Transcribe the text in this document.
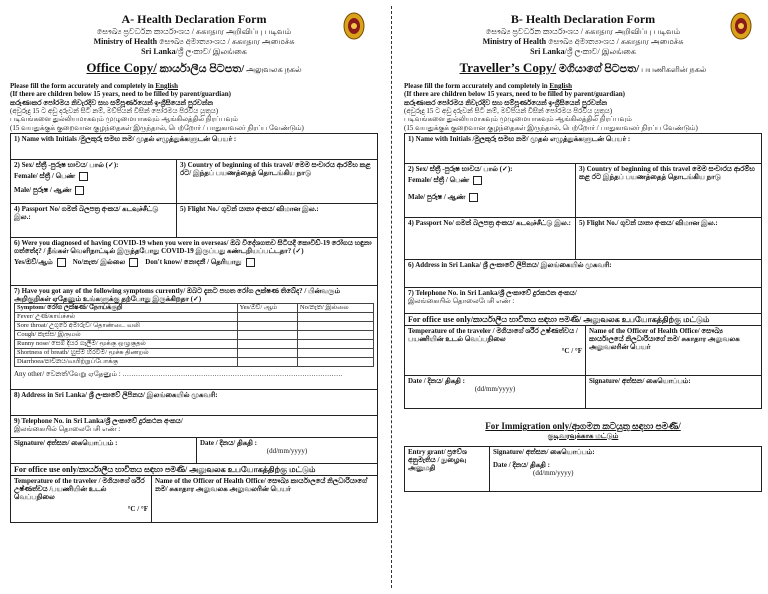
A- Health Declaration Form
සෞඛ්‍ය ප්‍රවර්ධන කාර්යාංශය / சுகாதார அறிவிப்பு படிவம்
Ministry of Health සෞඛ්‍ය අමාත්‍යාංශය / சுகாதார அமைச்சு
Sri Lanka/ශ්‍රී ලංකාව/ இலங்கை
Office Copy/ කාර්යාලීය පිටපත/ அலுவலக நகல்
Please fill the form accurately and completely in English
(If there are children below 15 years, need to be filled by parent/guardian)
කරුණාකර පෝරමය නිවැරදිව සහ සම්පූර්ණයෙන් ඉංග්‍රීසියෙන් පුරවන්න
(අවුරුදු 15 ට අඩු දරුවන් සිටී නම්, මව්පියන් විසින් පෝරමය පිරවිය යුතුය)
படிவங்களை துல்லியமாகவும் முழுமையாகவும் ஆங்கிலத்தில் நிரப்பவும்
(15 வயதுக்குக் குறைவான குழந்தைகள் இருந்தால், பெற்றோர் / பாதுகாவலர் நிரப்ப வேண்டும்)
1) Name with Initials /මුලකුරු සමඟ නම/ முதல் எழுத்துக்களுடன் பெயர் :
2) Sex/ ස්ත්‍රී -පුරුෂ භාවය/ பால் (✓):
Female/ ස්ත්‍රී / பெண்
Male/ පුරුෂ / ஆண்
3) Country of beginning of this travel/ මෙම සංචාරය ආරම්භ කළ රට/ இந்தப் பயணத்தைத் தொடங்கிய நாடு
4) Passport No/ ගමන් බලපත්‍ර අංකය/ கடவுச்சீட்டு இல.:
5) Flight No./ ගුවන් යානා අංකය/ விமான இல.:
6) Were you diagnosed of having COVID-19 when you were in overseas/ ඔබ විදේශගතව සිටියදී කොවිඩ්-19 රෝගය හඳුනා ගත්තේද? / நீங்கள் வெளிநாட்டில் இருந்தபோது COVID-19 இருப்பது கண்டறியப்பட்டதா? (✓)
Yes/ඔව්/ஆம்	No/නැත/ இல்லை	Don't know/ නොදනී / தெரியாது
7) Have you got any of the following symptoms currently/ ඔබට දැනට පහත රෝග ලක්ෂණ තිබේද? / பின்வரும் அறிகுறிகள் ஏதேனும் உங்களுக்கு தற்போது இருக்கிறதா (✓)
Symptom/ රෝග ලක්ෂණ/ நோய்க்குறி	Yes/ඔව්/ ஆம்	No/නැත/ இல்லை
Fever/ උණ/காய்ச்சல்		
Sore throat/ උගුරේ අමාරුව/ தொண்டை வலி		
Cough/ කැස්ස/ இருமல்		
Runny nose/ සෙම් දියර ගැලීම/ மூக்கு ஒழுகுதல்		
Shortness of breath/ හුස්ම හිරවීම/ மூச்சு திணறல்		
Diarrhoea/පාචනය/வயிற்றுப்போக்கு		
Any other/ වෙනත්/வேறு ஏதேனும் : ..................................................................................................
8) Address in Sri Lanka/ ශ්‍රී ලංකාවේ ලිපිනය/ இலங்கையில் முகவரி:
9) Telephone No. in Sri Lanka/ශ්‍රී ලංකාවේ දුරකථන අංකය/
இலங்கையில் தொலைபேசி எண் :
Signature/ අත්සන/ கையொப்பம் :	Date / දිනය/ திகதி :
(dd/mm/yyyy)
For office use only/කාර්යාලීය භාවිතය සඳහා පමණි/ அலுவலக உபயோகத்திற்கு மட்டும்
Temperature of the traveler / මගියාගේ ශරීර උෂ්ණත්වය /பயணியின் உடல் வெப்பநிலை
°C / °F
Name of the Officer of Health Office/ සෞඛ්‍ය කාර්යාලයේ නිලධාරියාගේ නම/ சுகாதார அலுவலக அலுவலரின் பெயர்
B- Health Declaration Form
සෞඛ්‍ය ප්‍රවර්ධන කාර්යාංශය / சுகாதார அறிவிப்பு படிவம்
Ministry of Health සෞඛ්‍ය අමාත්‍යාංශය / சுகாதார அமைச்சு
Sri Lanka/ශ්‍රී ලංකාව/ இலங்கை
Traveller’s Copy/ මගියාගේ පිටපත/ பயணிகளின் நகல்
Please fill the form accurately and completely in English
(If there are children below 15 years, need to be filled by parent/guardian)
කරුණාකර පෝරමය නිවැරදිව සහ සම්පූර්ණයෙන් ඉංග්‍රීසියෙන් පුරවන්න
(අවුරුදු 15 ට අඩු දරුවන් සිටී නම්, මව්පියන් විසින් පෝරමය පිරවිය යුතුය)
படிவங்களை துல்லியமாகவும் முழுமையாகவும் ஆங்கிலத்தில் நிரப்பவும்
(15 வயதுக்குக் குறைவான குழந்தைகள் இருந்தால், பெற்றோர் / பாதுகாவலர் நிரப்ப வேண்டும்)
1) Name with Initials /මුලකුරු සමඟ නම/ முதல் எழுத்துக்களுடன் பெயர் :
2) Sex/ ස්ත්‍රී -පුරුෂ භාවය/ பால் (✓):
Female/ ස්ත්‍රී / பெண்
Male/ පුරුෂ / ஆண்
3) Country of beginning of this travel මෙම සංචාරය ආරම්භ කළ රට இந்தப் பயணத்தைத் தொடங்கிய நாடு
4) Passport No/ ගමන් බලපත්‍ර අංකය/ கடவுச்சீட்டு இல.:	5) Flight No./ ගුවන් යානා අංකය/ விமான இல.:
6) Address in Sri Lanka/ ශ්‍රී ලංකාවේ ලිපිනය/ இலங்கையில் முகவரி:
7) Telephone No. in Sri Lanka/ශ්‍රී ලංකාවේ දුරකථන අංකය/
இலங்கையில் தொலைபேசி எண் :
For office use only/කාර්යාලීය භාවිතය සඳහා පමණි/ அலுவலக உபயோகத்திற்கு மட்டும்
Temperature of the traveler / මගියාගේ ශරීර උෂ්ණත්වය /பயணியின் உடல் வெப்பநிலை
°C / °F
Name of the Officer of Health Office/ සෞඛ්‍ය කාර්යාලයේ නිලධාරියාගේ නම/ சுகாதார அலுவலக அலுவலரின் பெயர்
Date / දිනය/ திகதி :
(dd/mm/yyyy)
Signature/ අත්සන/ கையொப்பம்:
For Immigration only/ආගමන කටයුතු සඳහා පමණි/
குடிவரவுக்காக மட்டும்
Entry grant/ ප්‍රවේශ අනුමැතිය / நுழைவு அனுமதி
Signature/ අත්සන/ கையொப்பம்:
Date / දිනය/ திகதி :
(dd/mm/yyyy)
